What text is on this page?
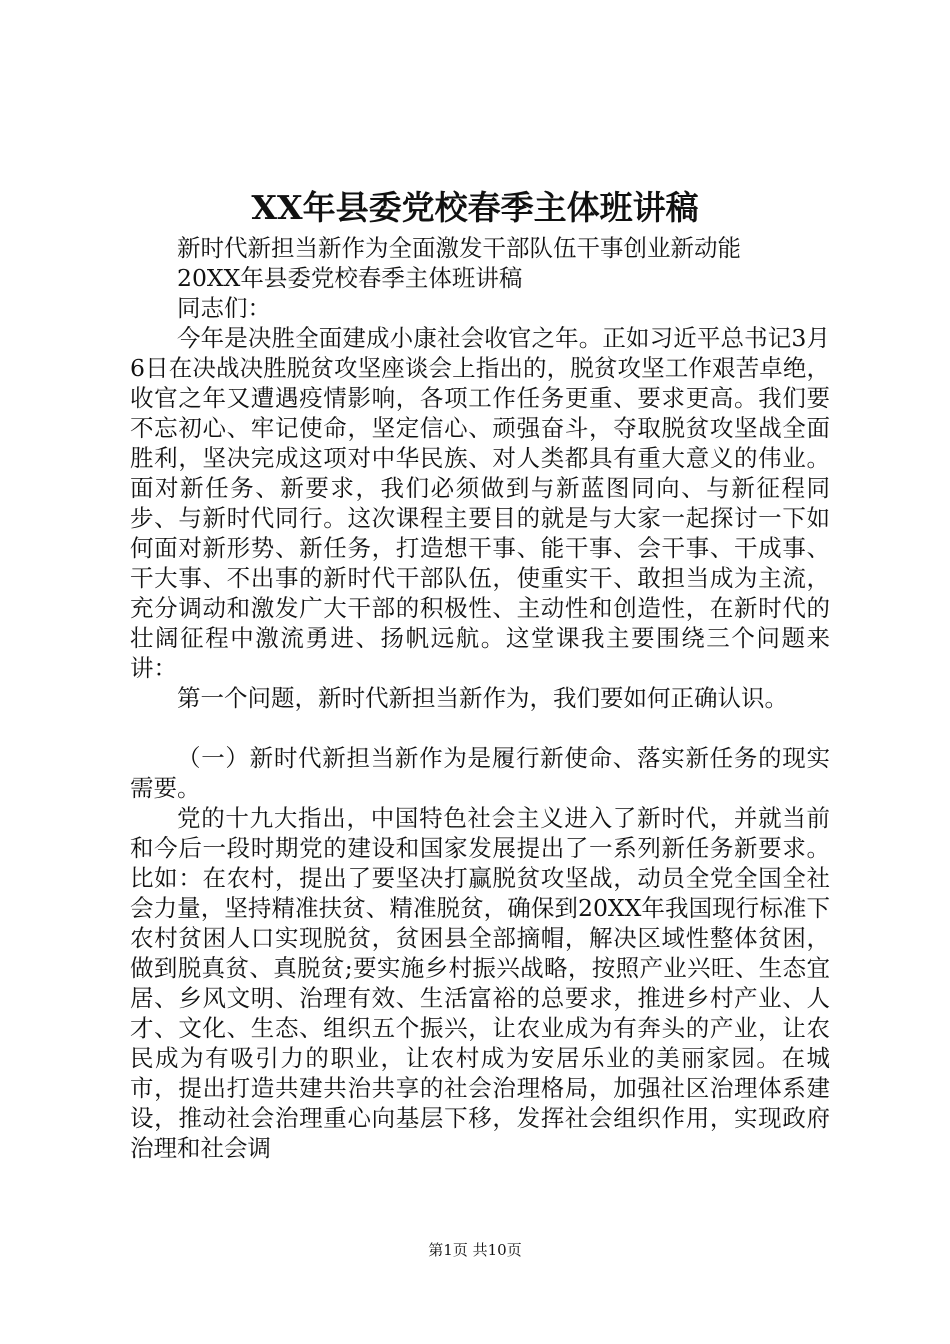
XX年县委党校春季主体班讲稿

新时代新担当新作为全面激发干部队伍干事创业新动能

20XX年县委党校春季主体班讲稿

同志们：

今年是决胜全面建成小康社会收官之年。正如习近平总书记3月6日在决战决胜脱贫攻坚座谈会上指出的，脱贫攻坚工作艰苦卓绝，收官之年又遭遇疫情影响，各项工作任务更重、要求更高。我们要不忘初心、牢记使命，坚定信心、顽强奋斗，夺取脱贫攻坚战全面胜利，坚决完成这项对中华民族、对人类都具有重大意义的伟业。面对新任务、新要求，我们必须做到与新蓝图同向、与新征程同步、与新时代同行。这次课程主要目的就是与大家一起探讨一下如何面对新形势、新任务，打造想干事、能干事、会干事、干成事、干大事、不出事的新时代干部队伍，使重实干、敢担当成为主流，充分调动和激发广大干部的积极性、主动性和创造性，在新时代的壮阔征程中激流勇进、扬帆远航。这堂课我主要围绕三个问题来讲：

第一个问题，新时代新担当新作为，我们要如何正确认识。

（一）新时代新担当新作为是履行新使命、落实新任务的现实需要。

党的十九大指出，中国特色社会主义进入了新时代，并就当前和今后一段时期党的建设和国家发展提出了一系列新任务新要求。比如：在农村，提出了要坚决打赢脱贫攻坚战，动员全党全国全社会力量，坚持精准扶贫、精准脱贫，确保到20XX年我国现行标准下农村贫困人口实现脱贫，贫困县全部摘帽，解决区域性整体贫困，做到脱真贫、真脱贫;要实施乡村振兴战略，按照产业兴旺、生态宜居、乡风文明、治理有效、生活富裕的总要求，推进乡村产业、人才、文化、生态、组织五个振兴，让农业成为有奔头的产业，让农民成为有吸引力的职业，让农村成为安居乐业的美丽家园。在城市，提出打造共建共治共享的社会治理格局，加强社区治理体系建设，推动社会治理重心向基层下移，发挥社会组织作用，实现政府治理和社会调

第1页 共10页
